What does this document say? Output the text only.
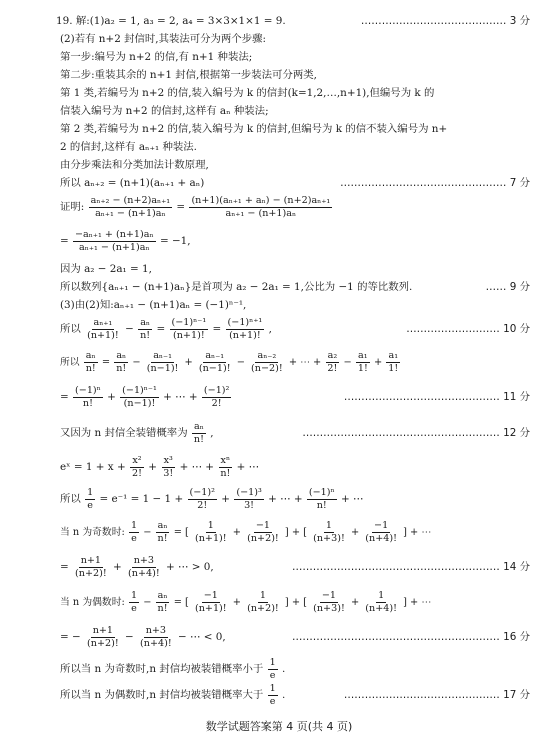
19. 解:(1)a₂ = 1, a₃ = 2, a₄ = 3×3×1×1 = 9.	…………………………………… 3 分
(2)若有 n+2 封信时,其装法可分为两个步骤:
第一步:编号为 n+2 的信,有 n+1 种装法;
第二步:重装其余的 n+1 封信,根据第一步装法可分两类,
第 1 类,若编号为 n+2 的信,装入编号为 k 的信封(k=1,2,…,n+1),但编号为 k 的
信装入编号为 n+2 的信封,这样有 aₙ 种装法;
第 2 类,若编号为 n+2 的信,装入编号为 k 的信封,但编号为 k 的信不装入编号为 n+
2 的信封,这样有 aₙ₊₁ 种装法.
由分步乘法和分类加法计数原理,
所以 aₙ₊₂ = (n+1)(aₙ₊₁ + aₙ)	………………………………………… 7 分
证明: $\frac{\text{aₙ₊₂ − (n+2)aₙ₊₁}}{\text{aₙ₊₁ − (n+1)aₙ}} = \frac{\text{(n+1)(aₙ₊₁ + aₙ) − (n+2)aₙ₊₁}}{\text{aₙ₊₁ − (n+1)aₙ}}$
= $\frac{\text{−aₙ₊₁ + (n+1)aₙ}}{\text{aₙ₊₁ − (n+1)aₙ}} = -1$,
因为 a₂ − 2a₁ = 1,
所以数列{aₙ₊₁ − (n+1)aₙ}是首项为 a₂ − 2a₁ = 1,公比为 −1 的等比数列.	…… 9 分
(3)由(2)知:aₙ₊₁ − (n+1)aₙ = (−1)ⁿ⁻¹,
所以 $\frac{\text{aₙ₊₁}}{(n+1)!} - \frac{\text{aₙ}}{n!} = \frac{\text{(−1)ⁿ⁻¹}}{(n+1)!} = \frac{\text{(−1)ⁿ⁺¹}}{(n+1)!}$ ,	……………………… 10 分
所以 $\frac{\text{aₙ}}{n!} = \frac{\text{aₙ}}{n!} - \frac{\text{aₙ₋₁}}{(n-1)!} + \frac{\text{aₙ₋₁}}{(n-1)!} - \frac{\text{aₙ₋₂}}{(n-2)!}$ + ⋯ + $\frac{\text{a₂}}{2!} - \frac{\text{a₁}}{1!} + \frac{\text{a₁}}{1!}$
= $\frac{\text{(−1)ⁿ}}{n!} + \frac{\text{(−1)ⁿ⁻¹}}{(n-1)!}$ + ⋯ + $\frac{\text{(−1)²}}{2!}$	……………………………………… 11 分
又因为 n 封信全装错概率为 $\frac{\text{aₙ}}{n!}$ ,	………………………………………………… 12 分
eˣ = $1 + x + \frac{\text{x²}}{2!} + \frac{\text{x³}}{3!}$ + ⋯ + $\frac{\text{xⁿ}}{n!}$ + ⋯
所以 $\frac{1}{e} = e^{-1} = 1 - 1 + \frac{\text{(−1)²}}{2!} + \frac{\text{(−1)³}}{3!}$ + ⋯ + $\frac{\text{(−1)ⁿ}}{n!}$ + ⋯
当 n 为奇数时: $\frac{1}{e} - \frac{\text{aₙ}}{n!}$ = [ $\frac{1}{(n+1)!} + \frac{-1}{(n+2)!}$ ] + [ $\frac{1}{(n+3)!} + \frac{-1}{(n+4)!}$ ] + ⋯
= $\frac{n+1}{(n+2)!} + \frac{n+3}{(n+4)!}$ + ⋯ > 0,	…………………………………………………… 14 分
当 n 为偶数时: $\frac{1}{e} - \frac{\text{aₙ}}{n!}$ = [ $\frac{-1}{(n+1)!} + \frac{1}{(n+2)!}$ ] + [ $\frac{-1}{(n+3)!} + \frac{1}{(n+4)!}$ ] + ⋯
= − $\frac{n+1}{(n+2)!} - \frac{n+3}{(n+4)!}$ − ⋯ < 0,	…………………………………………………… 16 分
所以当 n 为奇数时,n 封信均被装错概率小于 $\frac{1}{e}$ .
所以当 n 为偶数时,n 封信均被装错概率大于 $\frac{1}{e}$ .	……………………………………… 17 分
数学试题答案第 4 页(共 4 页)
